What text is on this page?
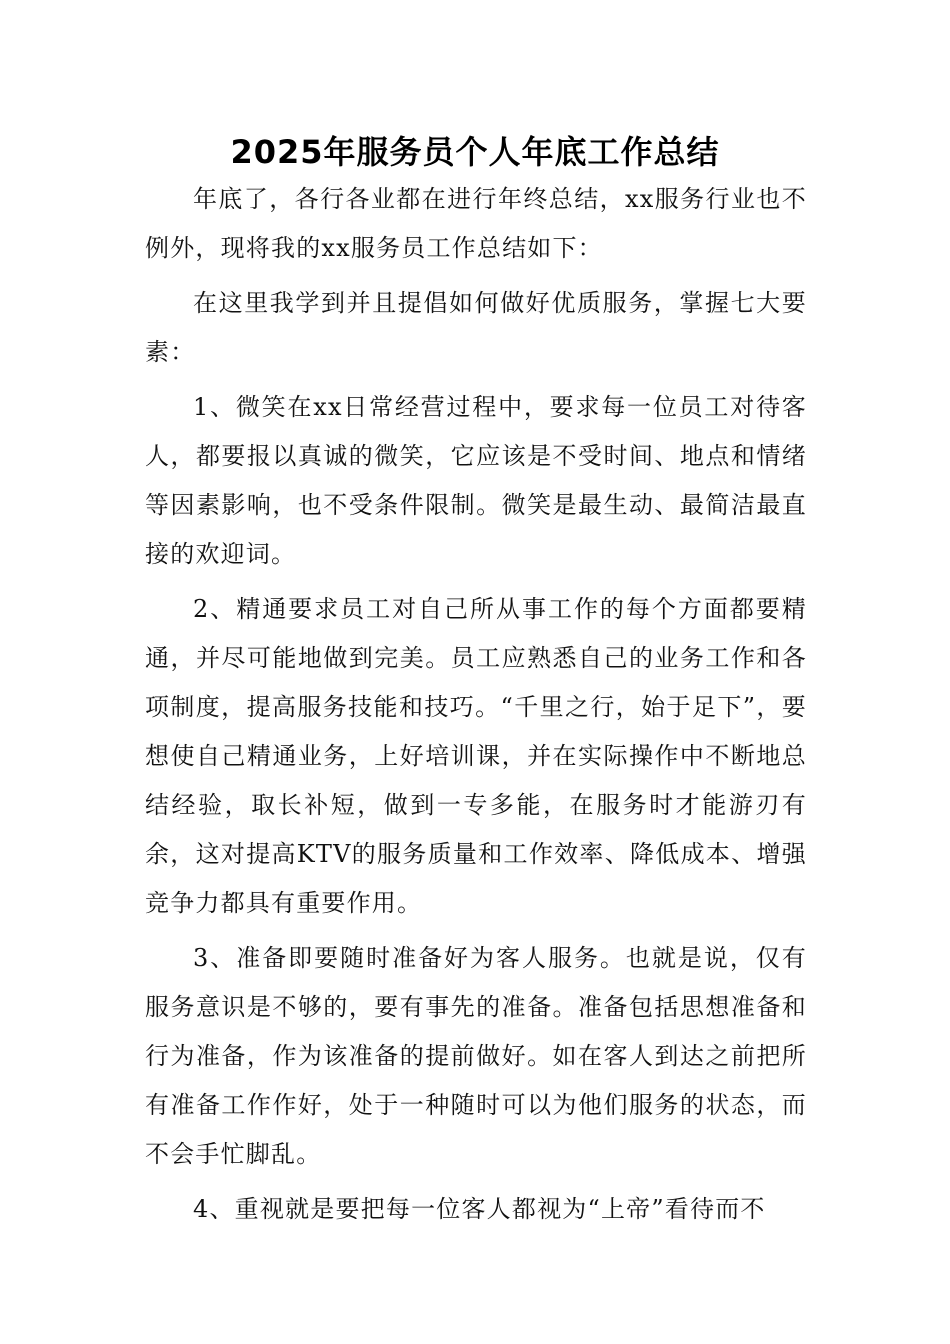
2025年服务员个人年底工作总结

年底了，各行各业都在进行年终总结，xx服务行业也不例外，现将我的xx服务员工作总结如下：

在这里我学到并且提倡如何做好优质服务，掌握七大要素：

1、微笑在xx日常经营过程中，要求每一位员工对待客人，都要报以真诚的微笑，它应该是不受时间、地点和情绪等因素影响，也不受条件限制。微笑是最生动、最简洁最直接的欢迎词。

2、精通要求员工对自己所从事工作的每个方面都要精通，并尽可能地做到完美。员工应熟悉自己的业务工作和各项制度，提高服务技能和技巧。“千里之行，始于足下”，要想使自己精通业务，上好培训课，并在实际操作中不断地总结经验，取长补短，做到一专多能，在服务时才能游刃有余，这对提高KTV的服务质量和工作效率、降低成本、增强竞争力都具有重要作用。

3、准备即要随时准备好为客人服务。也就是说，仅有服务意识是不够的，要有事先的准备。准备包括思想准备和行为准备，作为该准备的提前做好。如在客人到达之前把所有准备工作作好，处于一种随时可以为他们服务的状态，而不会手忙脚乱。

4、重视就是要把每一位客人都视为“上帝”看待而不
